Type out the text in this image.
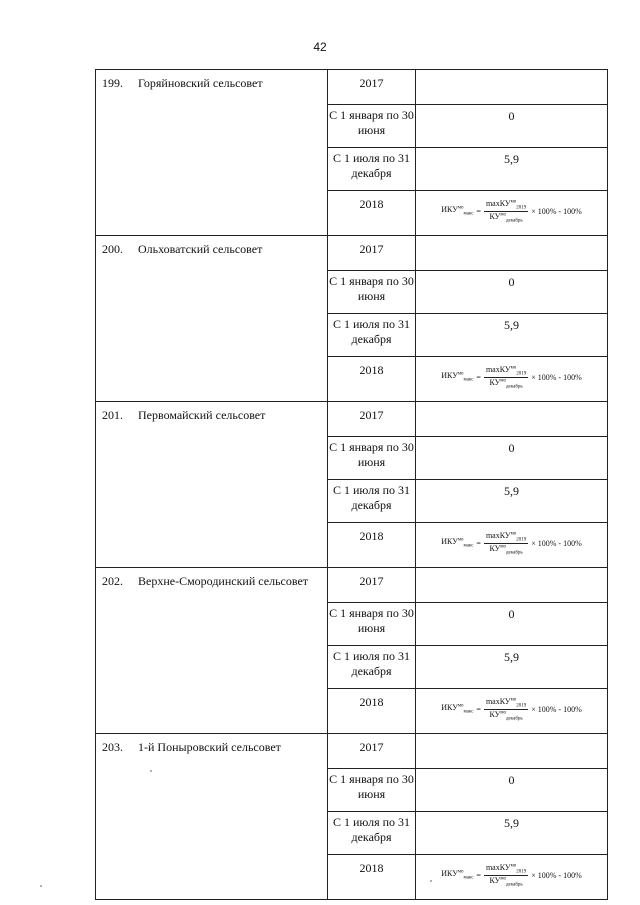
42
199. Горяйновский сельсовет	2017	
	С 1 января по 30 июня	0
	С 1 июля по 31 декабря	5,9
	2018	$ИКУ^{мо}_{макс} = \frac{\max КУ^{мо}_{2019}}{КУ^{мо}_{декабрь}} \times 100\% - 100\%$

200. Ольховатский сельсовет	2017	
	С 1 января по 30 июня	0
	С 1 июля по 31 декабря	5,9
	2018	$ИКУ^{мо}_{макс} = \frac{\max КУ^{мо}_{2019}}{КУ^{мо}_{декабрь}} \times 100\% - 100\%$

201. Первомайский сельсовет	2017	
	С 1 января по 30 июня	0
	С 1 июля по 31 декабря	5,9
	2018	$ИКУ^{мо}_{макс} = \frac{\max КУ^{мо}_{2019}}{КУ^{мо}_{декабрь}} \times 100\% - 100\%$

202. Верхне-Смородинский сельсовет	2017	
	С 1 января по 30 июня	0
	С 1 июля по 31 декабря	5,9
	2018	$ИКУ^{мо}_{макс} = \frac{\max КУ^{мо}_{2019}}{КУ^{мо}_{декабрь}} \times 100\% - 100\%$

203. 1-й Поныровский сельсовет	2017	
	С 1 января по 30 июня	0
	С 1 июля по 31 декабря	5,9
	2018	$ИКУ^{мо}_{макс} = \frac{\max КУ^{мо}_{2019}}{КУ^{мо}_{декабрь}} \times 100\% - 100\%$
